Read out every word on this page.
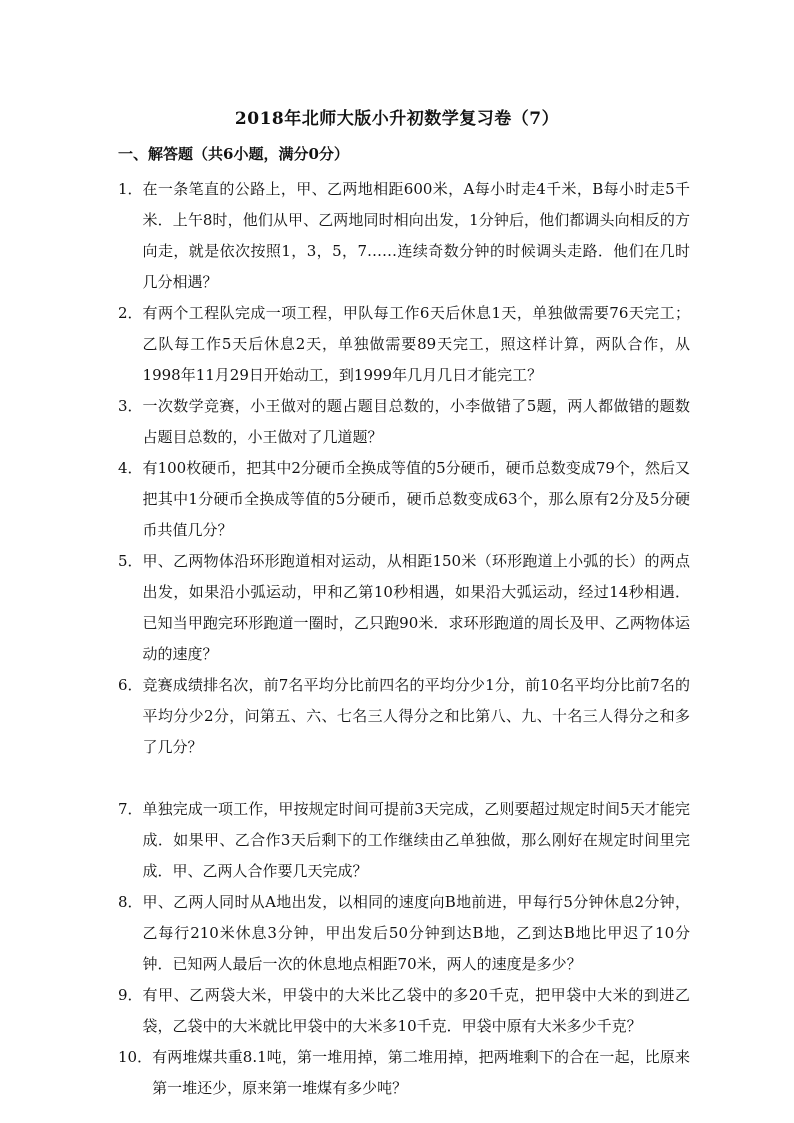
2018年北师大版小升初数学复习卷（7）
一、解答题（共6小题，满分0分）
1． 在一条笔直的公路上，甲、乙两地相距600米，A每小时走4千米，B每小时走5千米．上午8时，他们从甲、乙两地同时相向出发，1分钟后，他们都调头向相反的方向走，就是依次按照1，3，5，7……连续奇数分钟的时候调头走路．他们在几时几分相遇？
2． 有两个工程队完成一项工程，甲队每工作6天后休息1天，单独做需要76天完工；乙队每工作5天后休息2天，单独做需要89天完工，照这样计算，两队合作，从1998年11月29日开始动工，到1999年几月几日才能完工？
3． 一次数学竞赛，小王做对的题占题目总数的，小李做错了5题，两人都做错的题数占题目总数的，小王做对了几道题？
4． 有100枚硬币，把其中2分硬币全换成等值的5分硬币，硬币总数变成79个，然后又把其中1分硬币全换成等值的5分硬币，硬币总数变成63个，那么原有2分及5分硬币共值几分？
5． 甲、乙两物体沿环形跑道相对运动，从相距150米（环形跑道上小弧的长）的两点出发，如果沿小弧运动，甲和乙第10秒相遇，如果沿大弧运动，经过14秒相遇．已知当甲跑完环形跑道一圈时，乙只跑90米．求环形跑道的周长及甲、乙两物体运动的速度？
6． 竞赛成绩排名次，前7名平均分比前四名的平均分少1分，前10名平均分比前7名的平均分少2分，问第五、六、七名三人得分之和比第八、九、十名三人得分之和多了几分？
7． 单独完成一项工作，甲按规定时间可提前3天完成，乙则要超过规定时间5天才能完成．如果甲、乙合作3天后剩下的工作继续由乙单独做，那么刚好在规定时间里完成．甲、乙两人合作要几天完成？
8． 甲、乙两人同时从A地出发，以相同的速度向B地前进，甲每行5分钟休息2分钟，乙每行210米休息3分钟，甲出发后50分钟到达B地，乙到达B地比甲迟了10分钟．已知两人最后一次的休息地点相距70米，两人的速度是多少？
9． 有甲、乙两袋大米，甲袋中的大米比乙袋中的多20千克，把甲袋中大米的到进乙袋，乙袋中的大米就比甲袋中的大米多10千克．甲袋中原有大米多少千克？
10． 有两堆煤共重8.1吨，第一堆用掉，第二堆用掉，把两堆剩下的合在一起，比原来第一堆还少，原来第一堆煤有多少吨？
